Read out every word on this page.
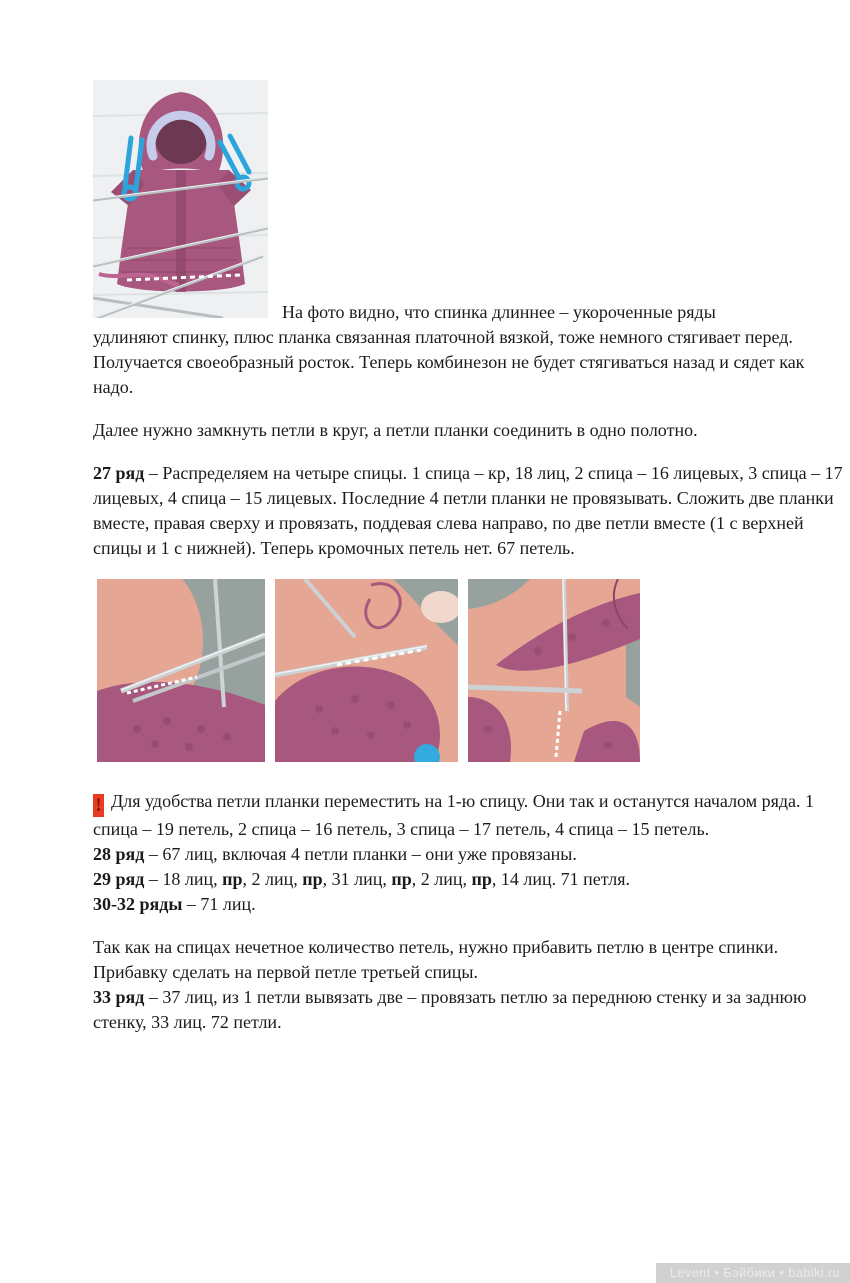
На фото видно, что спинка длиннее – укороченные ряды
удлиняют спинку, плюс планка связанная платочной вязкой, тоже немного стягивает перед. Получается своеобразный росток. Теперь комбинезон не будет стягиваться назад и сядет как надо.

Далее нужно замкнуть петли в круг, а петли планки соединить в одно полотно.

27 ряд – Распределяем на четыре спицы. 1 спица – кр, 18 лиц, 2 спица – 16 лицевых, 3 спица – 17 лицевых, 4 спица – 15 лицевых. Последние 4 петли планки не провязывать. Сложить две планки вместе, правая сверху и провязать, поддевая слева направо, по две петли вместе (1 с верхней спицы и 1 с нижней). Теперь кромочных петель нет. 67 петель.

! Для удобства петли планки переместить на 1-ю спицу. Они так и останутся началом ряда. 1 спица – 19 петель, 2 спица – 16 петель, 3 спица – 17 петель, 4 спица – 15 петель.

28 ряд – 67 лиц, включая 4 петли планки – они уже провязаны.

29 ряд – 18 лиц, пр, 2 лиц, пр, 31 лиц, пр, 2 лиц, пр, 14 лиц. 71 петля.

30-32 ряды – 71 лиц.

Так как на спицах нечетное количество петель, нужно прибавить петлю в центре спинки. Прибавку сделать на первой петле третьей спицы.

33 ряд – 37 лиц, из 1 петли вывязать две – провязать петлю за переднюю стенку и за заднюю стенку, 33 лиц. 72 петли.

Levent • Бэйбики • babiki.ru
